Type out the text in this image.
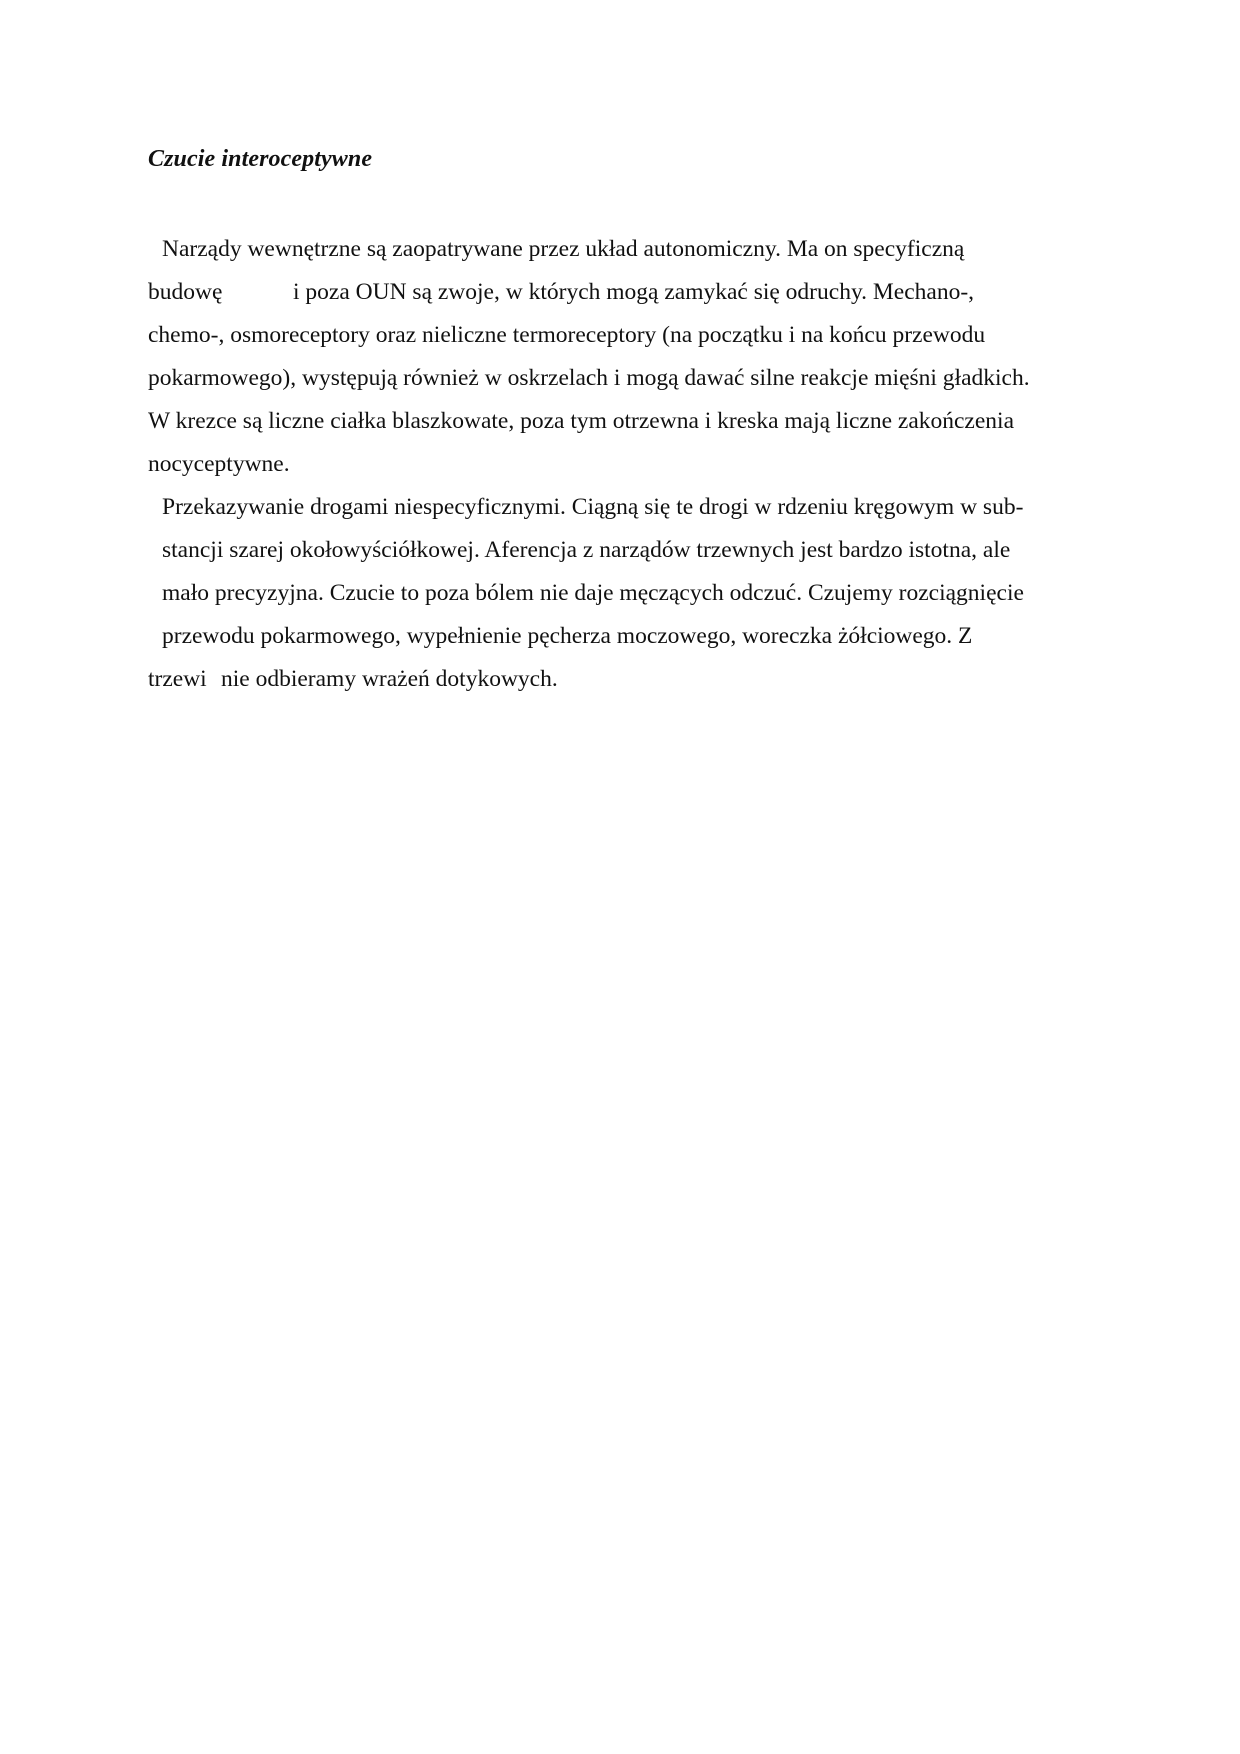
Czucie interoceptywne
Narządy wewnętrzne są zaopatrywane przez układ autonomiczny. Ma on specyficzną
budowę	i poza OUN są zwoje, w których mogą zamykać się odruchy. Mechano-,
chemo-, osmoreceptory oraz nieliczne termoreceptory (na początku i na końcu przewodu
pokarmowego), występują również w oskrzelach i mogą dawać silne reakcje mięśni gładkich.
W krezce są liczne ciałka blaszkowate, poza tym otrzewna i kreska mają liczne zakończenia
nocyceptywne.
Przekazywanie drogami niespecyficznymi. Ciągną się te drogi w rdzeniu kręgowym w sub-
stancji szarej okołowyściółkowej. Aferencja z narządów trzewnych jest bardzo istotna, ale
mało precyzyjna. Czucie to poza bólem nie daje męczących odczuć. Czujemy rozciągnięcie
przewodu pokarmowego, wypełnienie pęcherza moczowego, woreczka żółciowego. Z
trzewi nie odbieramy wrażeń dotykowych.
